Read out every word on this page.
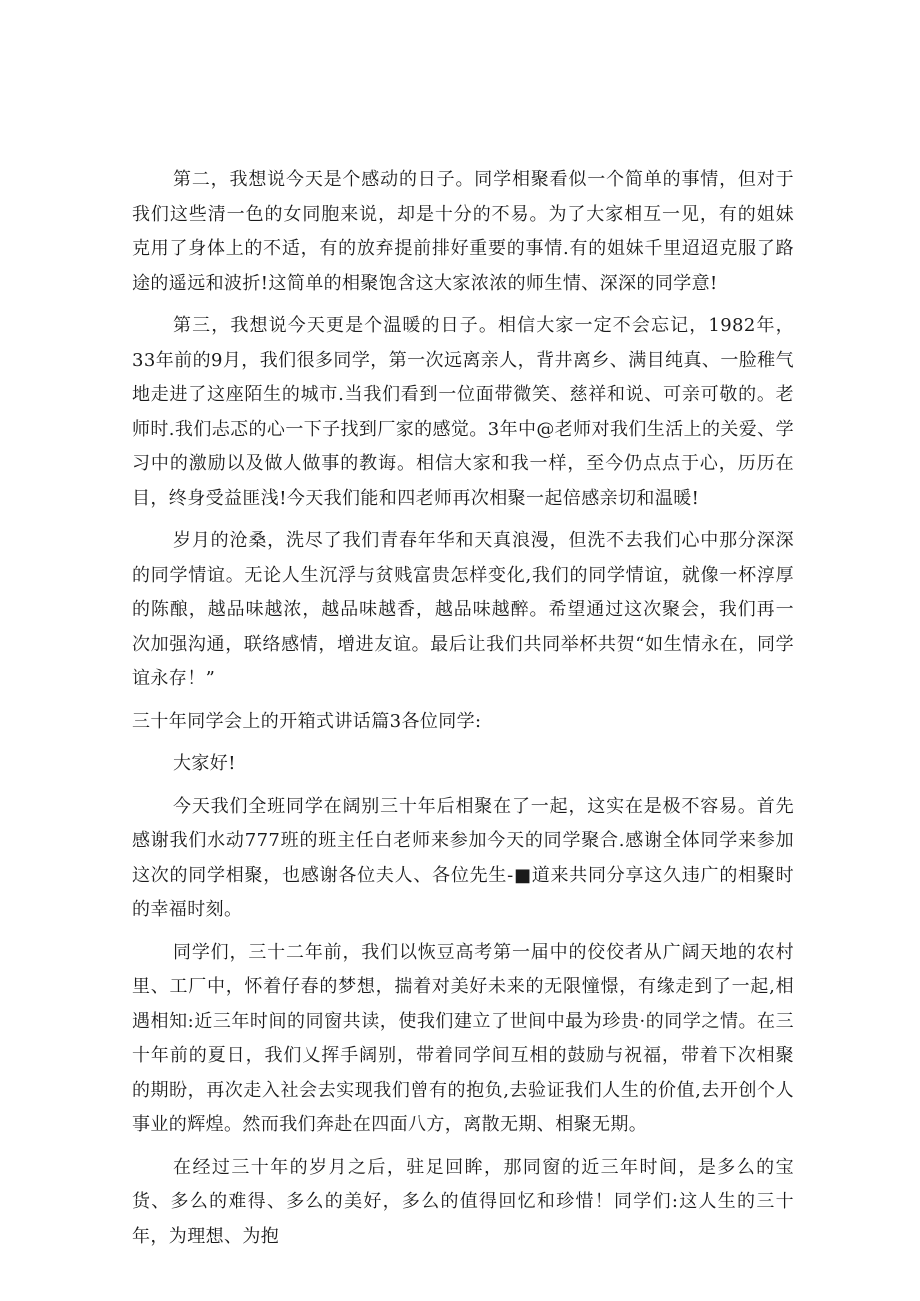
第二，我想说今天是个感动的日子。同学相聚看似一个简单的事情，但对于我们这些清一色的女同胞来说，却是十分的不易。为了大家相互一见，有的姐妹克用了身体上的不适，有的放弃提前排好重要的事情.有的姐妹千里迢迢克服了路途的遥远和波折!这简单的相聚饱含这大家浓浓的师生情、深深的同学意!

第三，我想说今天更是个温暖的日子。相信大家一定不会忘记，1982年，33年前的9月，我们很多同学，第一次远离亲人，背井离乡、满目纯真、一脸稚气地走进了这座陌生的城市.当我们看到一位面带微笑、慈祥和说、可亲可敬的。老师时.我们忐忑的心一下子找到厂家的感觉。3年中@老师对我们生活上的关爱、学习中的激励以及做人做事的教诲。相信大家和我一样，至今仍点点于心，历历在目，终身受益匪浅!今天我们能和四老师再次相聚一起倍感亲切和温暖!

岁月的沧桑，洗尽了我们青春年华和天真浪漫，但洗不去我们心中那分深深的同学情谊。无论人生沉浮与贫贱富贵怎样变化,我们的同学情谊，就像一杯淳厚的陈酿，越品味越浓，越品味越香，越品味越醉。希望通过这次聚会，我们再一次加强沟通，联络感情，增进友谊。最后让我们共同举杯共贺“如生情永在，同学谊永存！”

三十年同学会上的开箱式讲话篇3各位同学:

大家好!

今天我们全班同学在阔别三十年后相聚在了一起，这实在是极不容易。首先感谢我们水动777班的班主任白老师来参加今天的同学聚合.感谢全体同学来参加这次的同学相聚，也感谢各位夫人、各位先生-■道来共同分享这久违广的相聚时的幸福时刻。

同学们，三十二年前，我们以恢豆高考第一届中的佼佼者从广阔天地的农村里、工厂中，怀着仔春的梦想，揣着对美好未来的无限憧憬，有缘走到了一起,相遇相知:近三年时间的同窗共读，使我们建立了世间中最为珍贵·的同学之情。在三十年前的夏日，我们乂挥手阔别，带着同学间互相的鼓励与祝福，带着下次相聚的期盼，再次走入社会去实现我们曾有的抱负,去验证我们人生的价值,去开创个人事业的辉煌。然而我们奔赴在四面八方，离散无期、相聚无期。

在经过三十年的岁月之后，驻足回眸，那同窗的近三年时间，是多么的宝货、多么的难得、多么的美好，多么的值得回忆和珍惜！同学们:这人生的三十年，为理想、为抱
